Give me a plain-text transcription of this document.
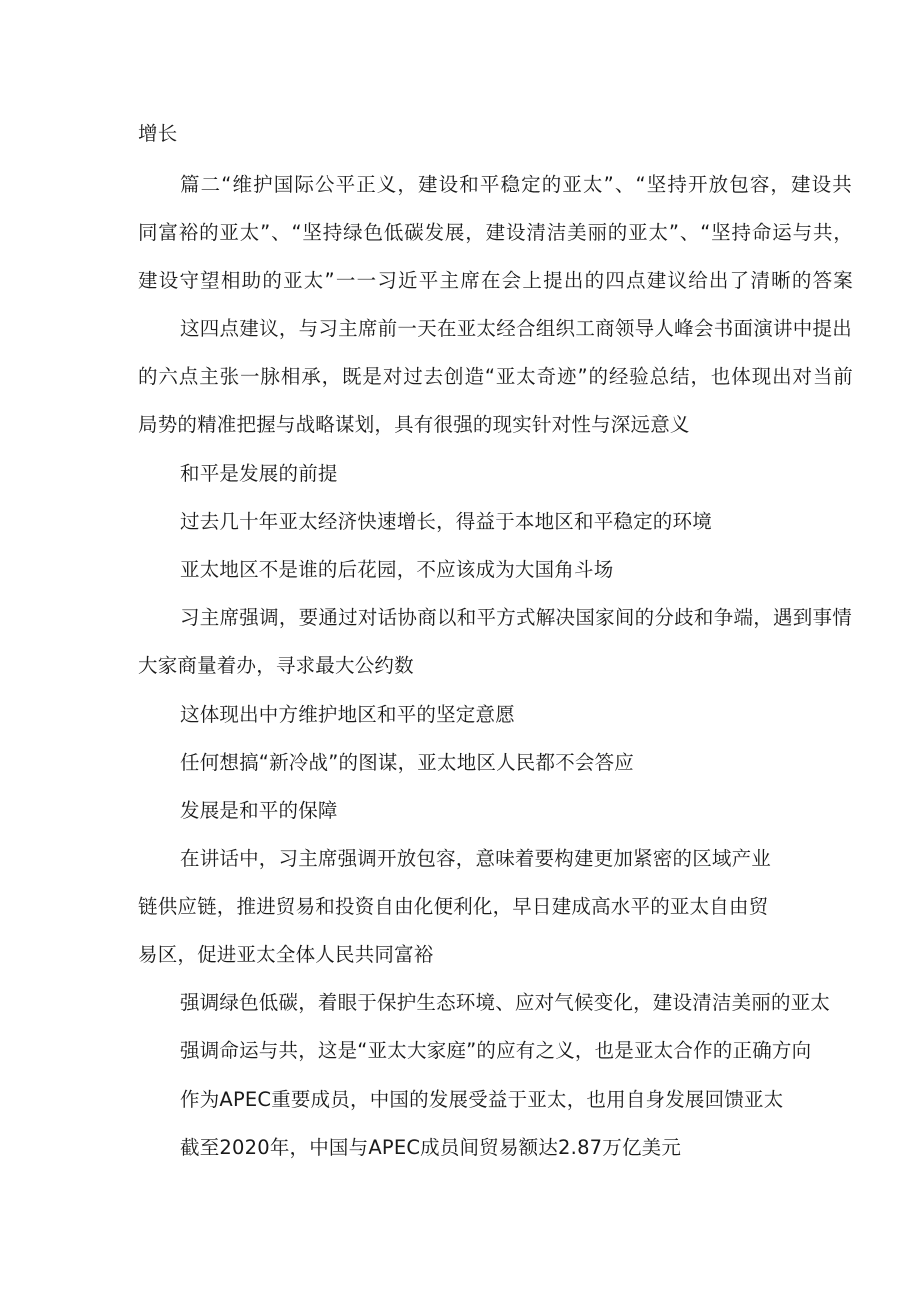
增长
篇二“维护国际公平正义，建设和平稳定的亚太”、“坚持开放包容，建设共
同富裕的亚太”、“坚持绿色低碳发展，建设清洁美丽的亚太”、“坚持命运与共，
建设守望相助的亚太”一一习近平主席在会上提出的四点建议给出了清晰的答案
这四点建议，与习主席前一天在亚太经合组织工商领导人峰会书面演讲中提出
的六点主张一脉相承，既是对过去创造“亚太奇迹”的经验总结，也体现出对当前
局势的精准把握与战略谋划，具有很强的现实针对性与深远意义
和平是发展的前提
过去几十年亚太经济快速增长，得益于本地区和平稳定的环境
亚太地区不是谁的后花园，不应该成为大国角斗场
习主席强调，要通过对话协商以和平方式解决国家间的分歧和争端，遇到事情
大家商量着办，寻求最大公约数
这体现出中方维护地区和平的坚定意愿
任何想搞“新冷战”的图谋，亚太地区人民都不会答应
发展是和平的保障
在讲话中，习主席强调开放包容，意味着要构建更加紧密的区域产业
链供应链，推进贸易和投资自由化便利化，早日建成高水平的亚太自由贸
易区，促进亚太全体人民共同富裕
强调绿色低碳，着眼于保护生态环境、应对气候变化，建设清洁美丽的亚太
强调命运与共，这是“亚太大家庭”的应有之义，也是亚太合作的正确方向
作为APEC重要成员，中国的发展受益于亚太，也用自身发展回馈亚太
截至2020年，中国与APEC成员间贸易额达2.87万亿美元
